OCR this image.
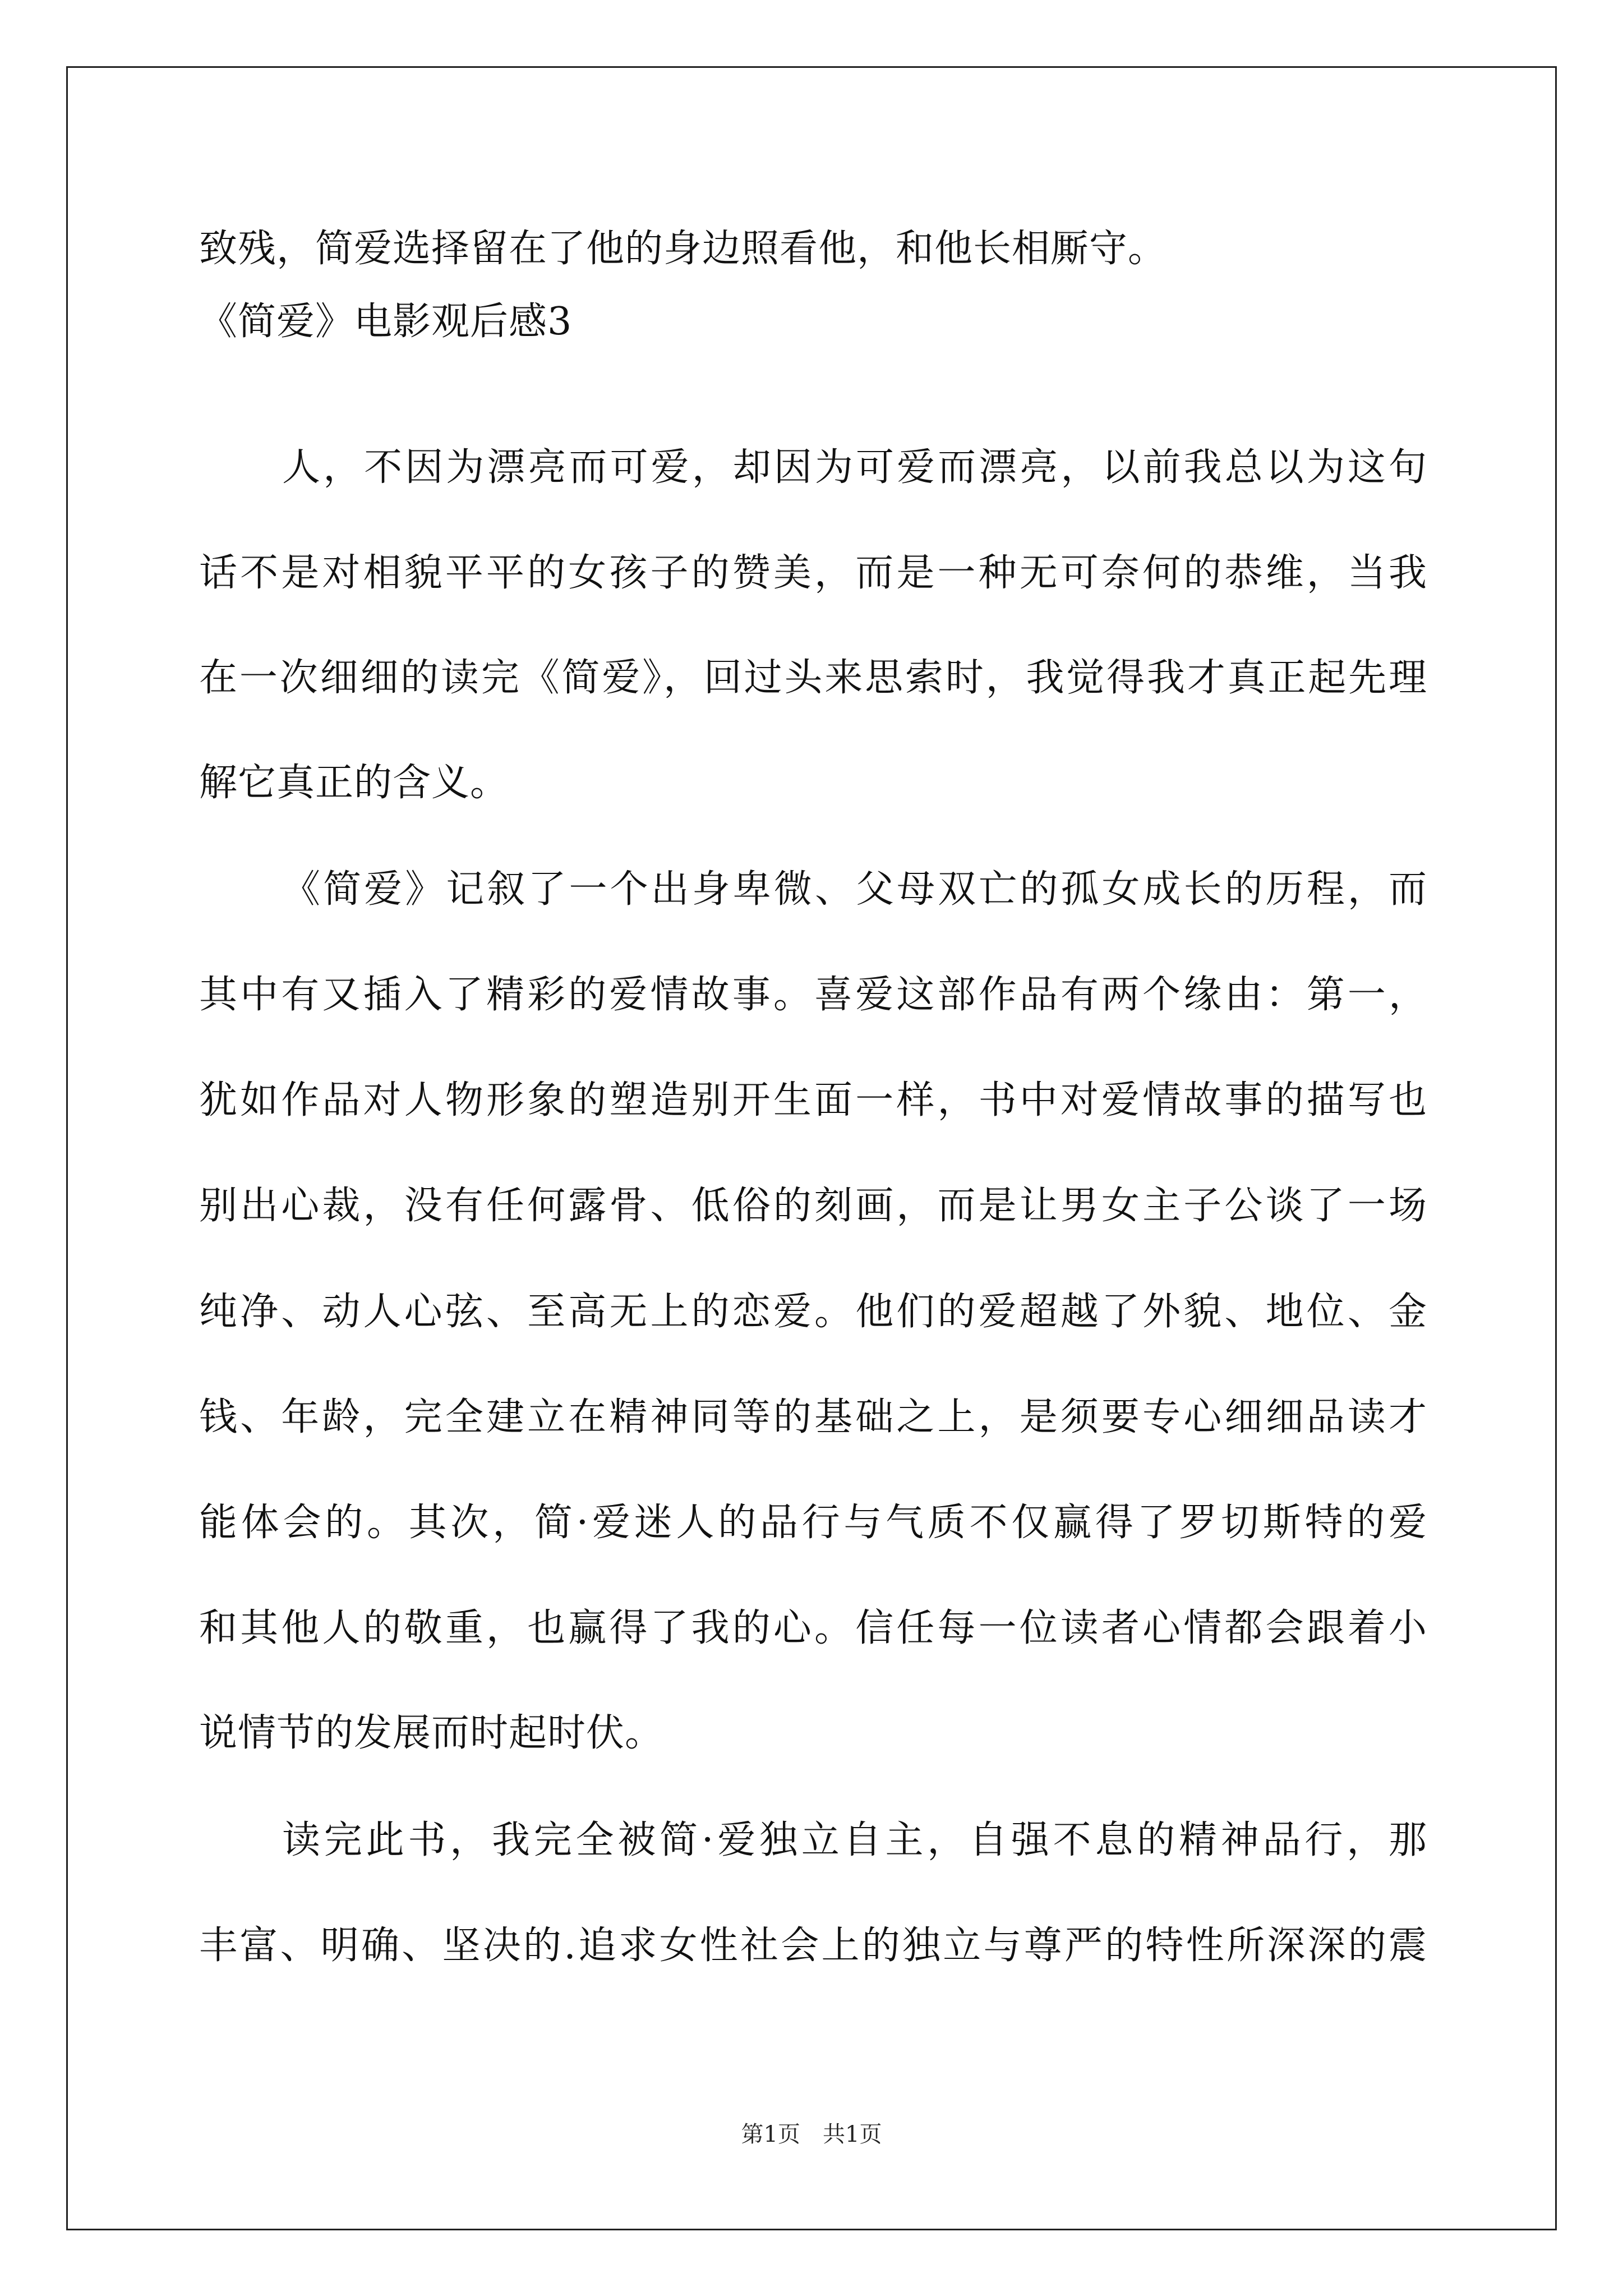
致残，简爱选择留在了他的身边照看他，和他长相厮守。
《简爱》电影观后感3
人，不因为漂亮而可爱，却因为可爱而漂亮，以前我总以为这句
话不是对相貌平平的女孩子的赞美，而是一种无可奈何的恭维，当我
在一次细细的读完《简爱》，回过头来思索时，我觉得我才真正起先理
解它真正的含义。
《简爱》记叙了一个出身卑微、父母双亡的孤女成长的历程，而
其中有又插入了精彩的爱情故事。喜爱这部作品有两个缘由：第一，
犹如作品对人物形象的塑造别开生面一样，书中对爱情故事的描写也
别出心裁，没有任何露骨、低俗的刻画，而是让男女主子公谈了一场
纯净、动人心弦、至高无上的恋爱。他们的爱超越了外貌、地位、金
钱、年龄，完全建立在精神同等的基础之上，是须要专心细细品读才
能体会的。其次，简·爱迷人的品行与气质不仅赢得了罗切斯特的爱
和其他人的敬重，也赢得了我的心。信任每一位读者心情都会跟着小
说情节的发展而时起时伏。
读完此书，我完全被简·爱独立自主，自强不息的精神品行，那
丰富、明确、坚决的.追求女性社会上的独立与尊严的特性所深深的震
第1页　共1页
